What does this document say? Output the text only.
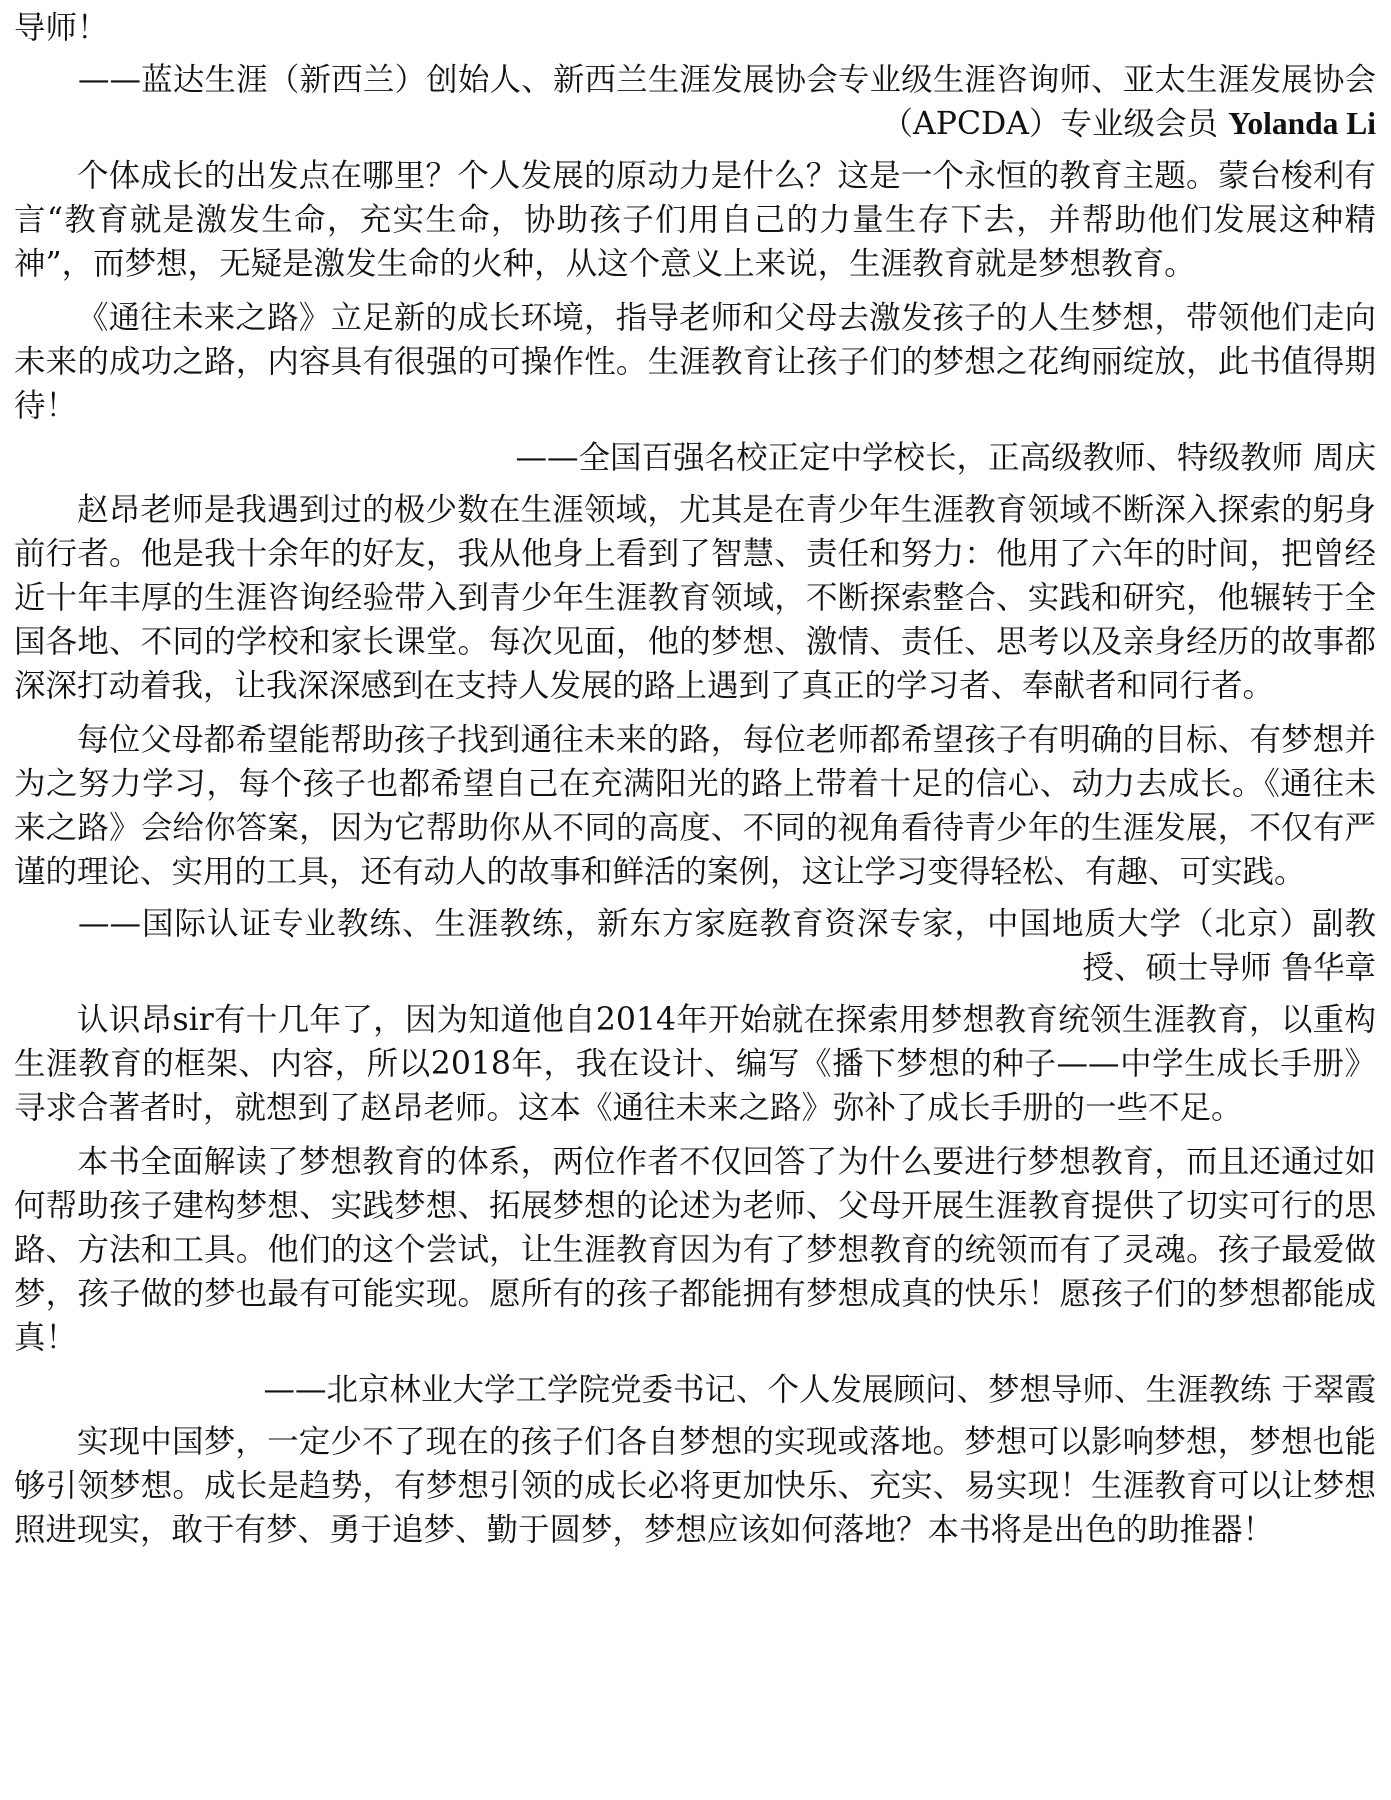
导师！

——蓝达生涯（新西兰）创始人、新西兰生涯发展协会专业级生涯咨询师、亚太生涯发展协会（APCDA）专业级会员 Yolanda Li

个体成长的出发点在哪里？个人发展的原动力是什么？这是一个永恒的教育主题。蒙台梭利有言“教育就是激发生命，充实生命，协助孩子们用自己的力量生存下去，并帮助他们发展这种精神”，而梦想，无疑是激发生命的火种，从这个意义上来说，生涯教育就是梦想教育。

《通往未来之路》立足新的成长环境，指导老师和父母去激发孩子的人生梦想，带领他们走向未来的成功之路，内容具有很强的可操作性。生涯教育让孩子们的梦想之花绚丽绽放，此书值得期待！

——全国百强名校正定中学校长，正高级教师、特级教师 周庆

赵昂老师是我遇到过的极少数在生涯领域，尤其是在青少年生涯教育领域不断深入探索的躬身前行者。他是我十余年的好友，我从他身上看到了智慧、责任和努力：他用了六年的时间，把曾经近十年丰厚的生涯咨询经验带入到青少年生涯教育领域，不断探索整合、实践和研究，他辗转于全国各地、不同的学校和家长课堂。每次见面，他的梦想、激情、责任、思考以及亲身经历的故事都深深打动着我，让我深深感到在支持人发展的路上遇到了真正的学习者、奉献者和同行者。

每位父母都希望能帮助孩子找到通往未来的路，每位老师都希望孩子有明确的目标、有梦想并为之努力学习，每个孩子也都希望自己在充满阳光的路上带着十足的信心、动力去成长。《通往未来之路》会给你答案，因为它帮助你从不同的高度、不同的视角看待青少年的生涯发展，不仅有严谨的理论、实用的工具，还有动人的故事和鲜活的案例，这让学习变得轻松、有趣、可实践。

——国际认证专业教练、生涯教练，新东方家庭教育资深专家，中国地质大学（北京）副教授、硕士导师 鲁华章

认识昂sir有十几年了，因为知道他自2014年开始就在探索用梦想教育统领生涯教育，以重构生涯教育的框架、内容，所以2018年，我在设计、编写《播下梦想的种子——中学生成长手册》寻求合著者时，就想到了赵昂老师。这本《通往未来之路》弥补了成长手册的一些不足。

本书全面解读了梦想教育的体系，两位作者不仅回答了为什么要进行梦想教育，而且还通过如何帮助孩子建构梦想、实践梦想、拓展梦想的论述为老师、父母开展生涯教育提供了切实可行的思路、方法和工具。他们的这个尝试，让生涯教育因为有了梦想教育的统领而有了灵魂。孩子最爱做梦，孩子做的梦也最有可能实现。愿所有的孩子都能拥有梦想成真的快乐！愿孩子们的梦想都能成真！

——北京林业大学工学院党委书记、个人发展顾问、梦想导师、生涯教练 于翠霞

实现中国梦，一定少不了现在的孩子们各自梦想的实现或落地。梦想可以影响梦想，梦想也能够引领梦想。成长是趋势，有梦想引领的成长必将更加快乐、充实、易实现！生涯教育可以让梦想照进现实，敢于有梦、勇于追梦、勤于圆梦，梦想应该如何落地？本书将是出色的助推器！
